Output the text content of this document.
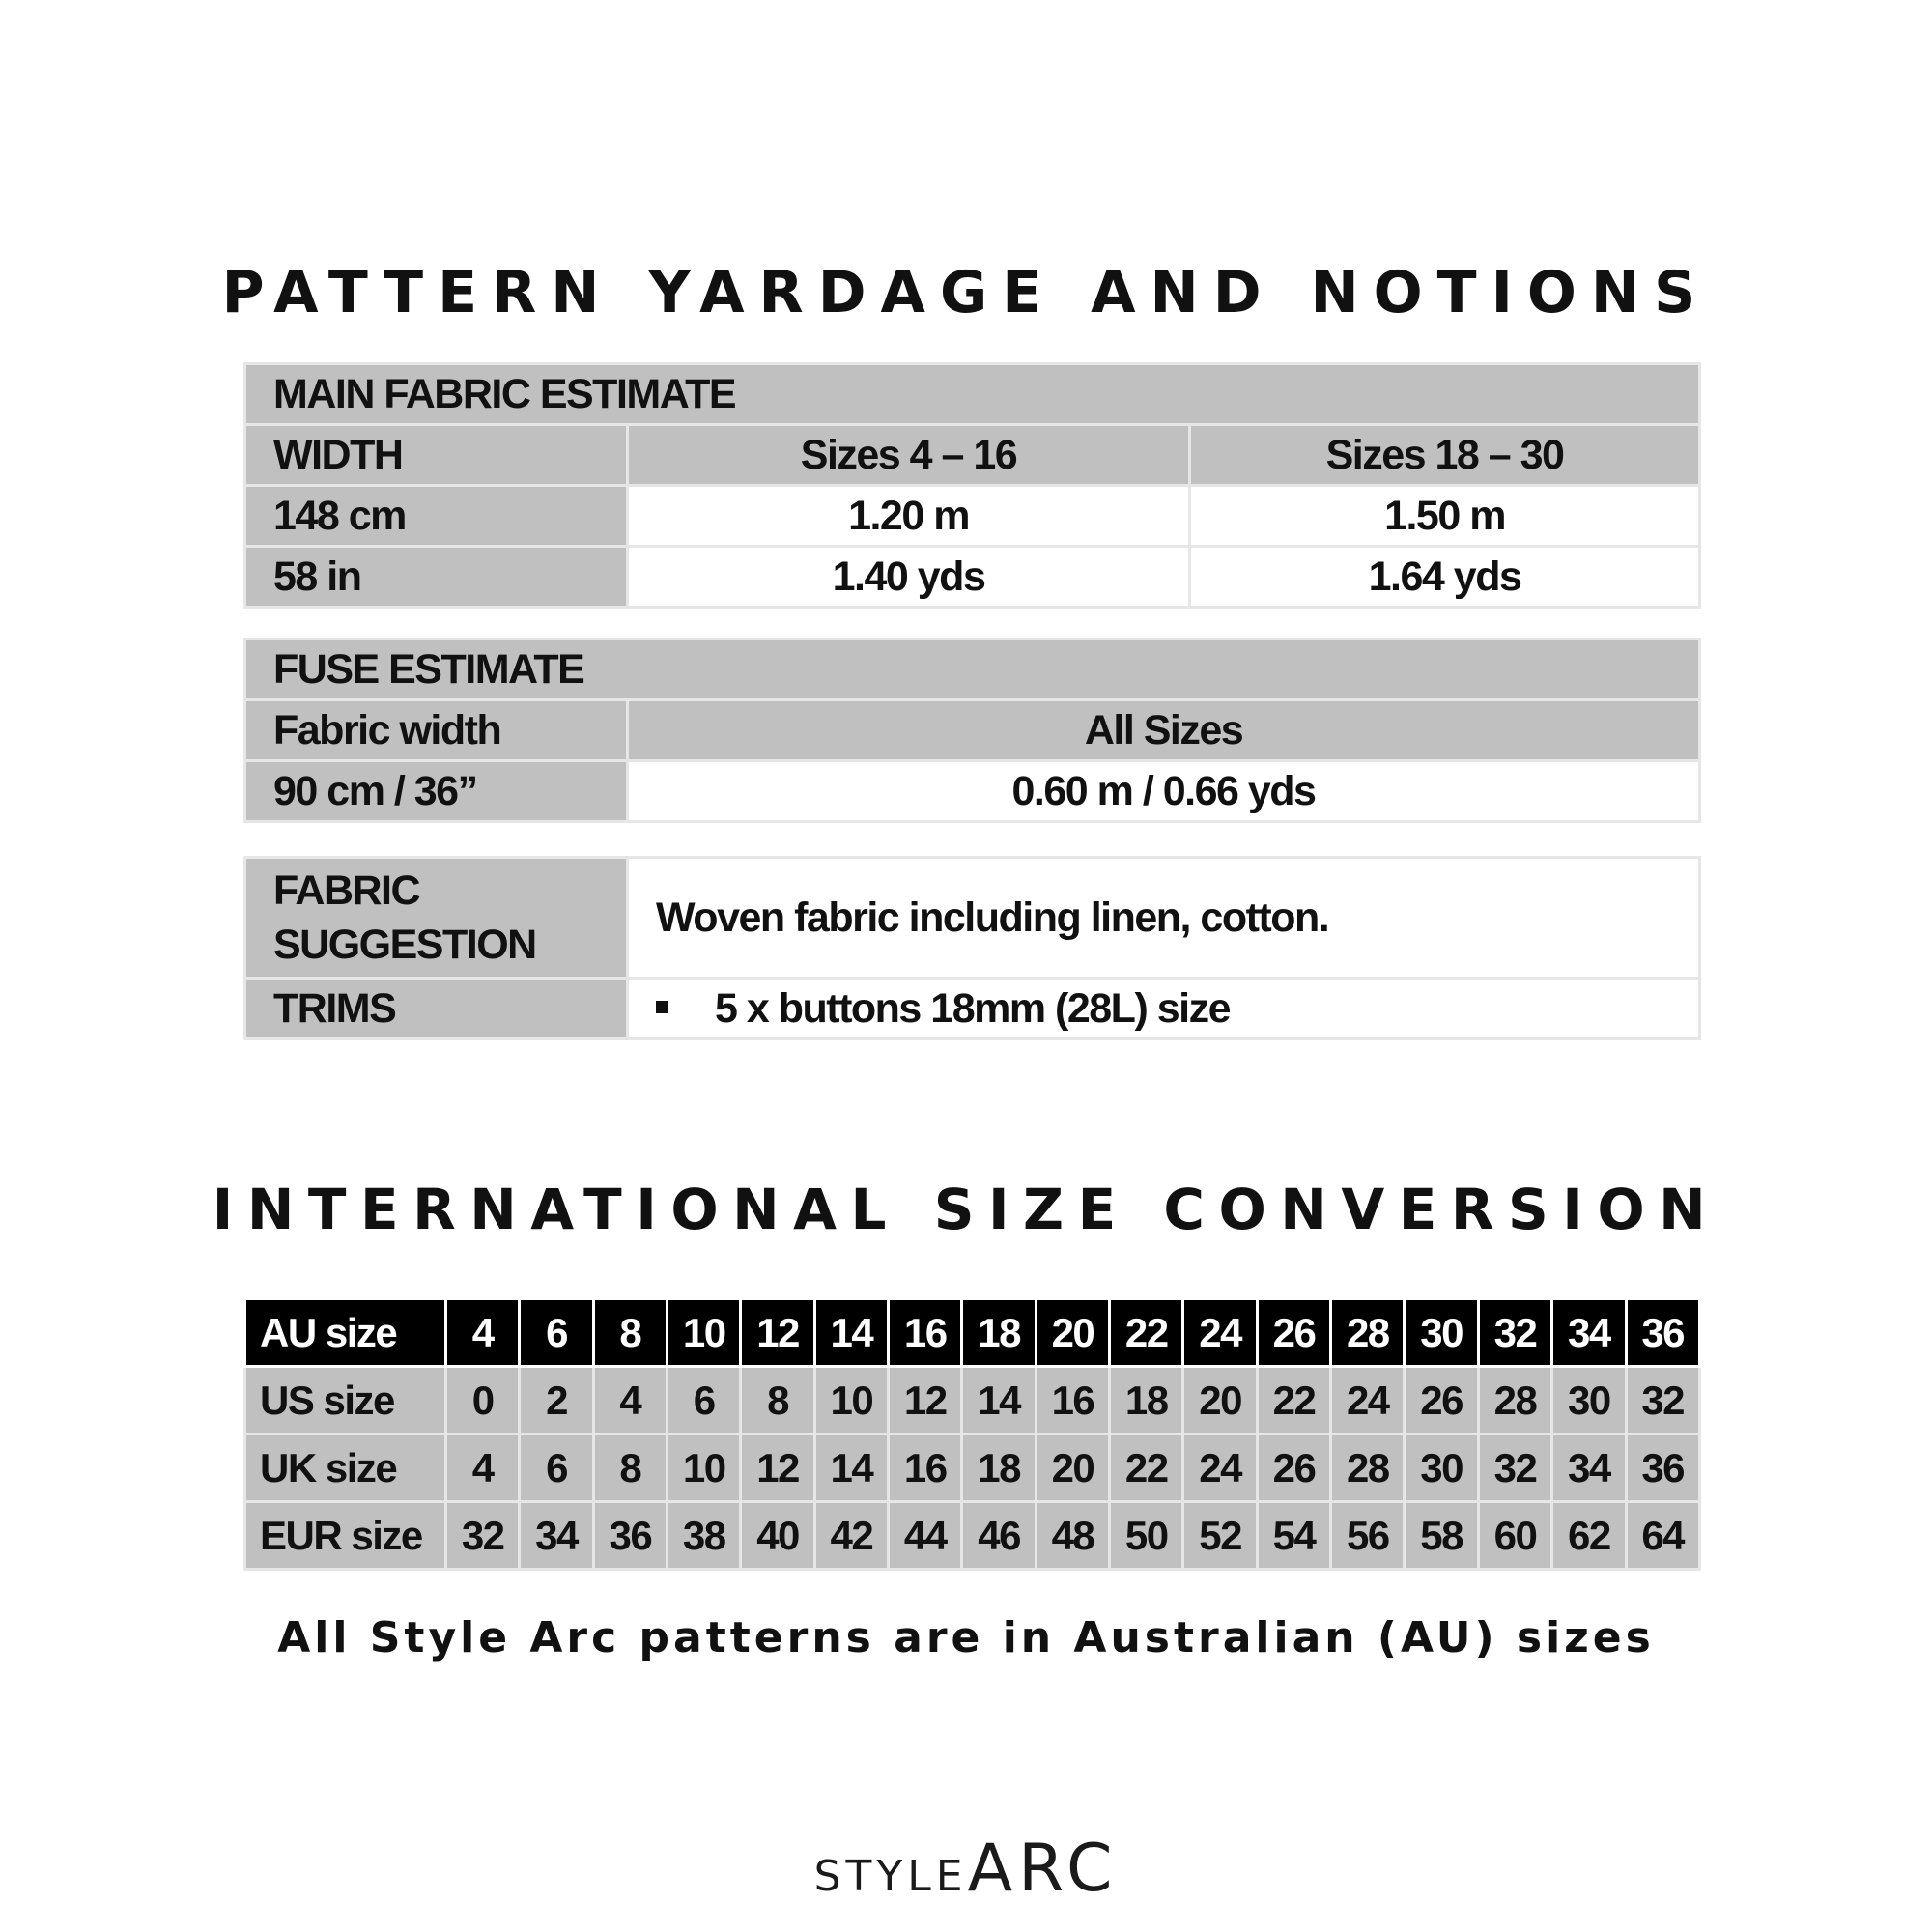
PATTERN YARDAGE AND NOTIONS
MAIN FABRIC ESTIMATE		
WIDTH	Sizes 4 – 16	Sizes 18 – 30
148 cm	1.20 m	1.50 m
58 in	1.40 yds	1.64 yds
FUSE ESTIMATE	
Fabric width	All Sizes
90 cm / 36”	0.60 m / 0.66 yds
FABRIC
SUGGESTION	Woven fabric including linen, cotton.
TRIMS	5 x buttons 18mm (28L) size
INTERNATIONAL SIZE CONVERSION
AU size	4	6	8	10	12	14	16	18	20	22	24	26	28	30	32	34	36
US size	0	2	4	6	8	10	12	14	16	18	20	22	24	26	28	30	32
UK size	4	6	8	10	12	14	16	18	20	22	24	26	28	30	32	34	36
EUR size	32	34	36	38	40	42	44	46	48	50	52	54	56	58	60	62	64
All Style Arc patterns are in Australian (AU) sizes
STYLEARC
